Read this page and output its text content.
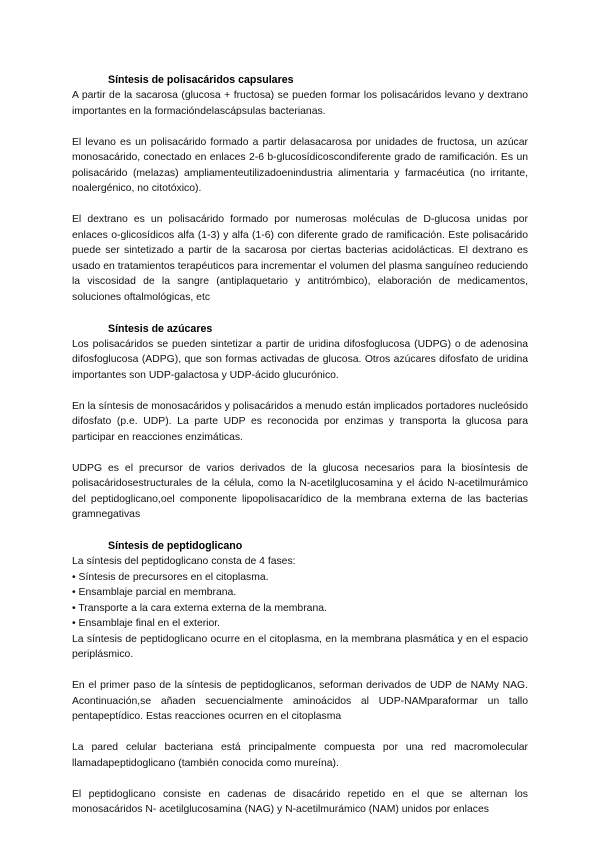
Síntesis de polisacáridos capsulares

A partir de la sacarosa (glucosa + fructosa) se pueden formar los polisacáridos levano y dextrano importantes en la formacióndelascápsulas bacterianas.

El levano es un polisacárido formado a partir delasacarosa por unidades de fructosa, un azúcar monosacárido, conectado en enlaces 2-6 b-glucosídicoscondiferente grado de ramificación. Es un polisacárido (melazas) ampliamenteutilizadoenindustria alimentaria y farmacéutica (no irritante, noalergénico, no citotóxico).

El dextrano es un polisacárido formado por numerosas moléculas de D-glucosa unidas por enlaces o-glicosídicos alfa (1-3) y alfa (1-6) con diferente grado de ramificación. Este polisacárido puede ser sintetizado a partir de la sacarosa por ciertas bacterias acidolácticas. El dextrano es usado en tratamientos terapéuticos para incrementar el volumen del plasma sanguíneo reduciendo la viscosidad de la sangre (antiplaquetario y antitrómbico), elaboración de medicamentos, soluciones oftalmológicas, etc

Síntesis de azúcares

Los polisacáridos se pueden sintetizar a partir de uridina difosfoglucosa (UDPG) o de adenosina difosfoglucosa (ADPG), que son formas activadas de glucosa. Otros azúcares difosfato de uridina importantes son UDP-galactosa y UDP-ácido glucurónico.

En la síntesis de monosacáridos y polisacáridos a menudo están implicados portadores nucleósido difosfato (p.e. UDP). La parte UDP es reconocida por enzimas y transporta la glucosa para participar en reacciones enzimáticas.

UDPG es el precursor de varios derivados de la glucosa necesarios para la biosíntesis de polisacáridosestructurales de la célula, como la N-acetilglucosamina y el ácido N-acetilmurámico del peptidoglicano,oel componente lipopolisacarídico de la membrana externa de las bacterias gramnegativas

Síntesis de peptidoglicano

La síntesis del peptidoglicano consta de 4 fases:

• Síntesis de precursores en el citoplasma.
• Ensamblaje parcial en membrana.
• Transporte a la cara externa externa de la membrana.
• Ensamblaje final en el exterior.

La síntesis de peptidoglicano ocurre en el citoplasma, en la membrana plasmática y en el espacio periplásmico.

En el primer paso de la síntesis de peptidoglicanos, seforman derivados de UDP de NAMy NAG. Acontinuación,se añaden secuencialmente aminoácidos al UDP-NAMparaformar un tallo pentapeptídico. Estas reacciones ocurren en el citoplasma

La pared celular bacteriana está principalmente compuesta por una red macromolecular llamadapeptidoglicano (también conocida como mureína).

El peptidoglicano consiste en cadenas de disacárido repetido en el que se alternan los monosacáridos N- acetilglucosamina (NAG) y N-acetilmurámico (NAM) unidos por enlaces
